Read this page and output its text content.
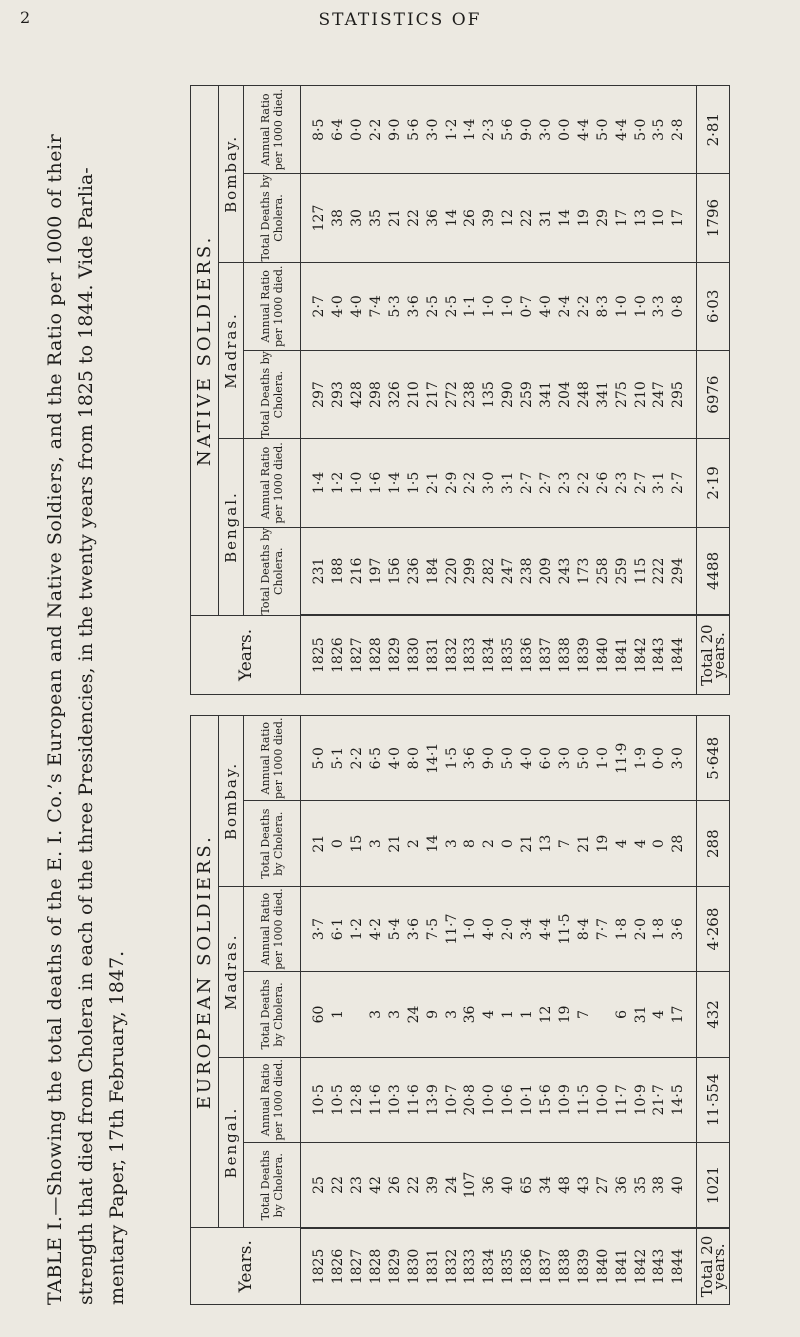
2	STATISTICS OF
TABLE I.—Showing the total deaths of the E. I. Co.’s European and Native Soldiers, and the Ratio per 1000 of their strength that died from Cholera in each of the three Presidencies, in the twenty years from 1825 to 1844. Vide Parlia- mentary Paper, 17th February, 1847.	Years.	EUROPEAN SOLDIERS.					
	Bengal.		Madras.		Bombay.	
	Total Deaths by Cholera.	Annual Ratio per 1000 died.	Total Deaths by Cholera.	Annual Ratio per 1000 died.	Total Deaths by Cholera.	Annual Ratio per 1000 died.

1825	25	10·5	60	3·7	21	5·0
1826	22	10·5	1	6·1	0	5·1
1827	23	12·8		1·2	15	2·2
1828	42	11·6	3	4·2	3	6·5
1829	26	10·3	3	5·4	21	4·0
1830	22	11·6	24	3·6	2	8·0
1831	39	13·9	9	7·5	14	14·1
1832	24	10·7	3	11·7	3	1·5
1833	107	20·8	36	1·0	8	3·6
1834	36	10·0	4	4·0	2	9·0
1835	40	10·6	1	2·0	0	5·0
1836	65	10·1	1	3·4	21	4·0
1837	34	15·6	12	4·4	13	6·0
1838	48	10·9	19	11·5	7	3·0
1839	43	11·5	7	8·4	21	5·0
1840	27	10·0		7·7	19	1·0
1841	36	11·7	6	1·8	4	11·9
1842	35	10·9	31	2·0	4	1·9
1843	38	21·7	4	1·8	0	0·0
1844	40	14·5	17	3·6	28	3·0

Total 20 years.	1021	11·554	432	4·268	288	5·648
Years.	NATIVE SOLDIERS.					
	Bengal.		Madras.		Bombay.	
	Total Deaths by Cholera.	Annual Ratio per 1000 died.	Total Deaths by Cholera.	Annual Ratio per 1000 died.	Total Deaths by Cholera.	Annual Ratio per 1000 died.

1825	231	1·4	297	2·7	127	8·5
1826	188	1·2	293	4·0	38	6·4
1827	216	1·0	428	4·0	30	0·0
1828	197	1·6	298	7·4	35	2·2
1829	156	1·4	326	5·3	21	9·0
1830	236	1·5	210	3·6	22	5·6
1831	184	2·1	217	2·5	36	3·0
1832	220	2·9	272	2·5	14	1·2
1833	299	2·2	238	1·1	26	1·4
1834	282	3·0	135	1·0	39	2·3
1835	247	3·1	290	1·0	12	5·6
1836	238	2·7	259	0·7	22	9·0
1837	209	2·7	341	4·0	31	3·0
1838	243	2·3	204	2·4	14	0·0
1839	173	2·2	248	2·2	19	4·4
1840	258	2·6	341	8·3	29	5·0
1841	259	2·3	275	1·0	17	4·4
1842	115	2·7	210	1·0	13	5·0
1843	222	3·1	247	3·3	10	3·5
1844	294	2·7	295	0·8	17	2·8

Total 20 years.	4488	2·19	6976	6·03	1796	2·81
